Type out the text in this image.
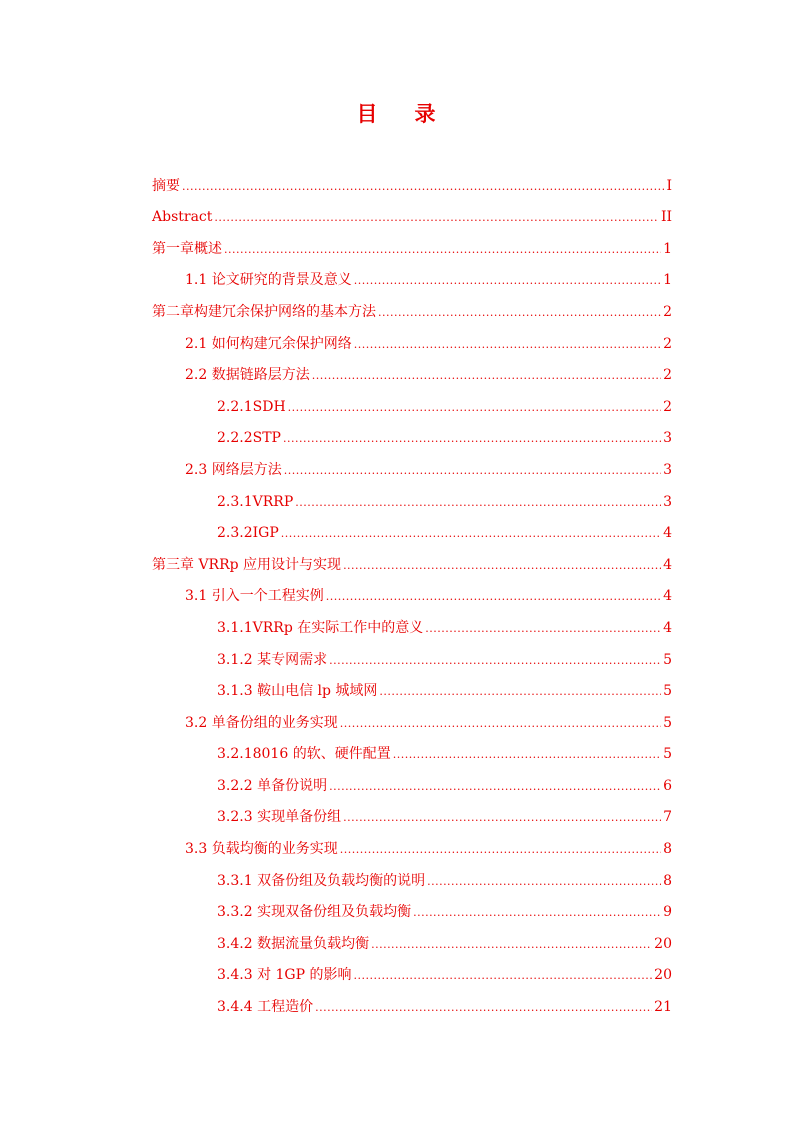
目 录
摘要 .....	I
Abstract .....	II
第一章概述 .....	1
1.1 论文研究的背景及意义 .....	1
第二章构建冗余保护网络的基本方法 .....	2
2.1 如何构建冗余保护网络 .....	2
2.2 数据链路层方法 .....	2
2.2.1SDH .....	2
2.2.2STP .....	3
2.3 网络层方法 .....	3
2.3.1VRRP .....	3
2.3.2IGP .....	4
第三章 VRRp 应用设计与实现 .....	4
3.1 引入一个工程实例 .....	4
3.1.1VRRp 在实际工作中的意义 .....	4
3.1.2 某专网需求 .....	5
3.1.3 鞍山电信 lp 城域网 .....	5
3.2 单备份组的业务实现 .....	5
3.2.18016 的软、硬件配置 .....	5
3.2.2 单备份说明 .....	6
3.2.3 实现单备份组 .....	7
3.3 负载均衡的业务实现 .....	8
3.3.1 双备份组及负载均衡的说明 .....	8
3.3.2 实现双备份组及负载均衡 .....	9
3.4.2 数据流量负载均衡 .....	20
3.4.3 对 1GP 的影响 .....	20
3.4.4 工程造价 .....	21
